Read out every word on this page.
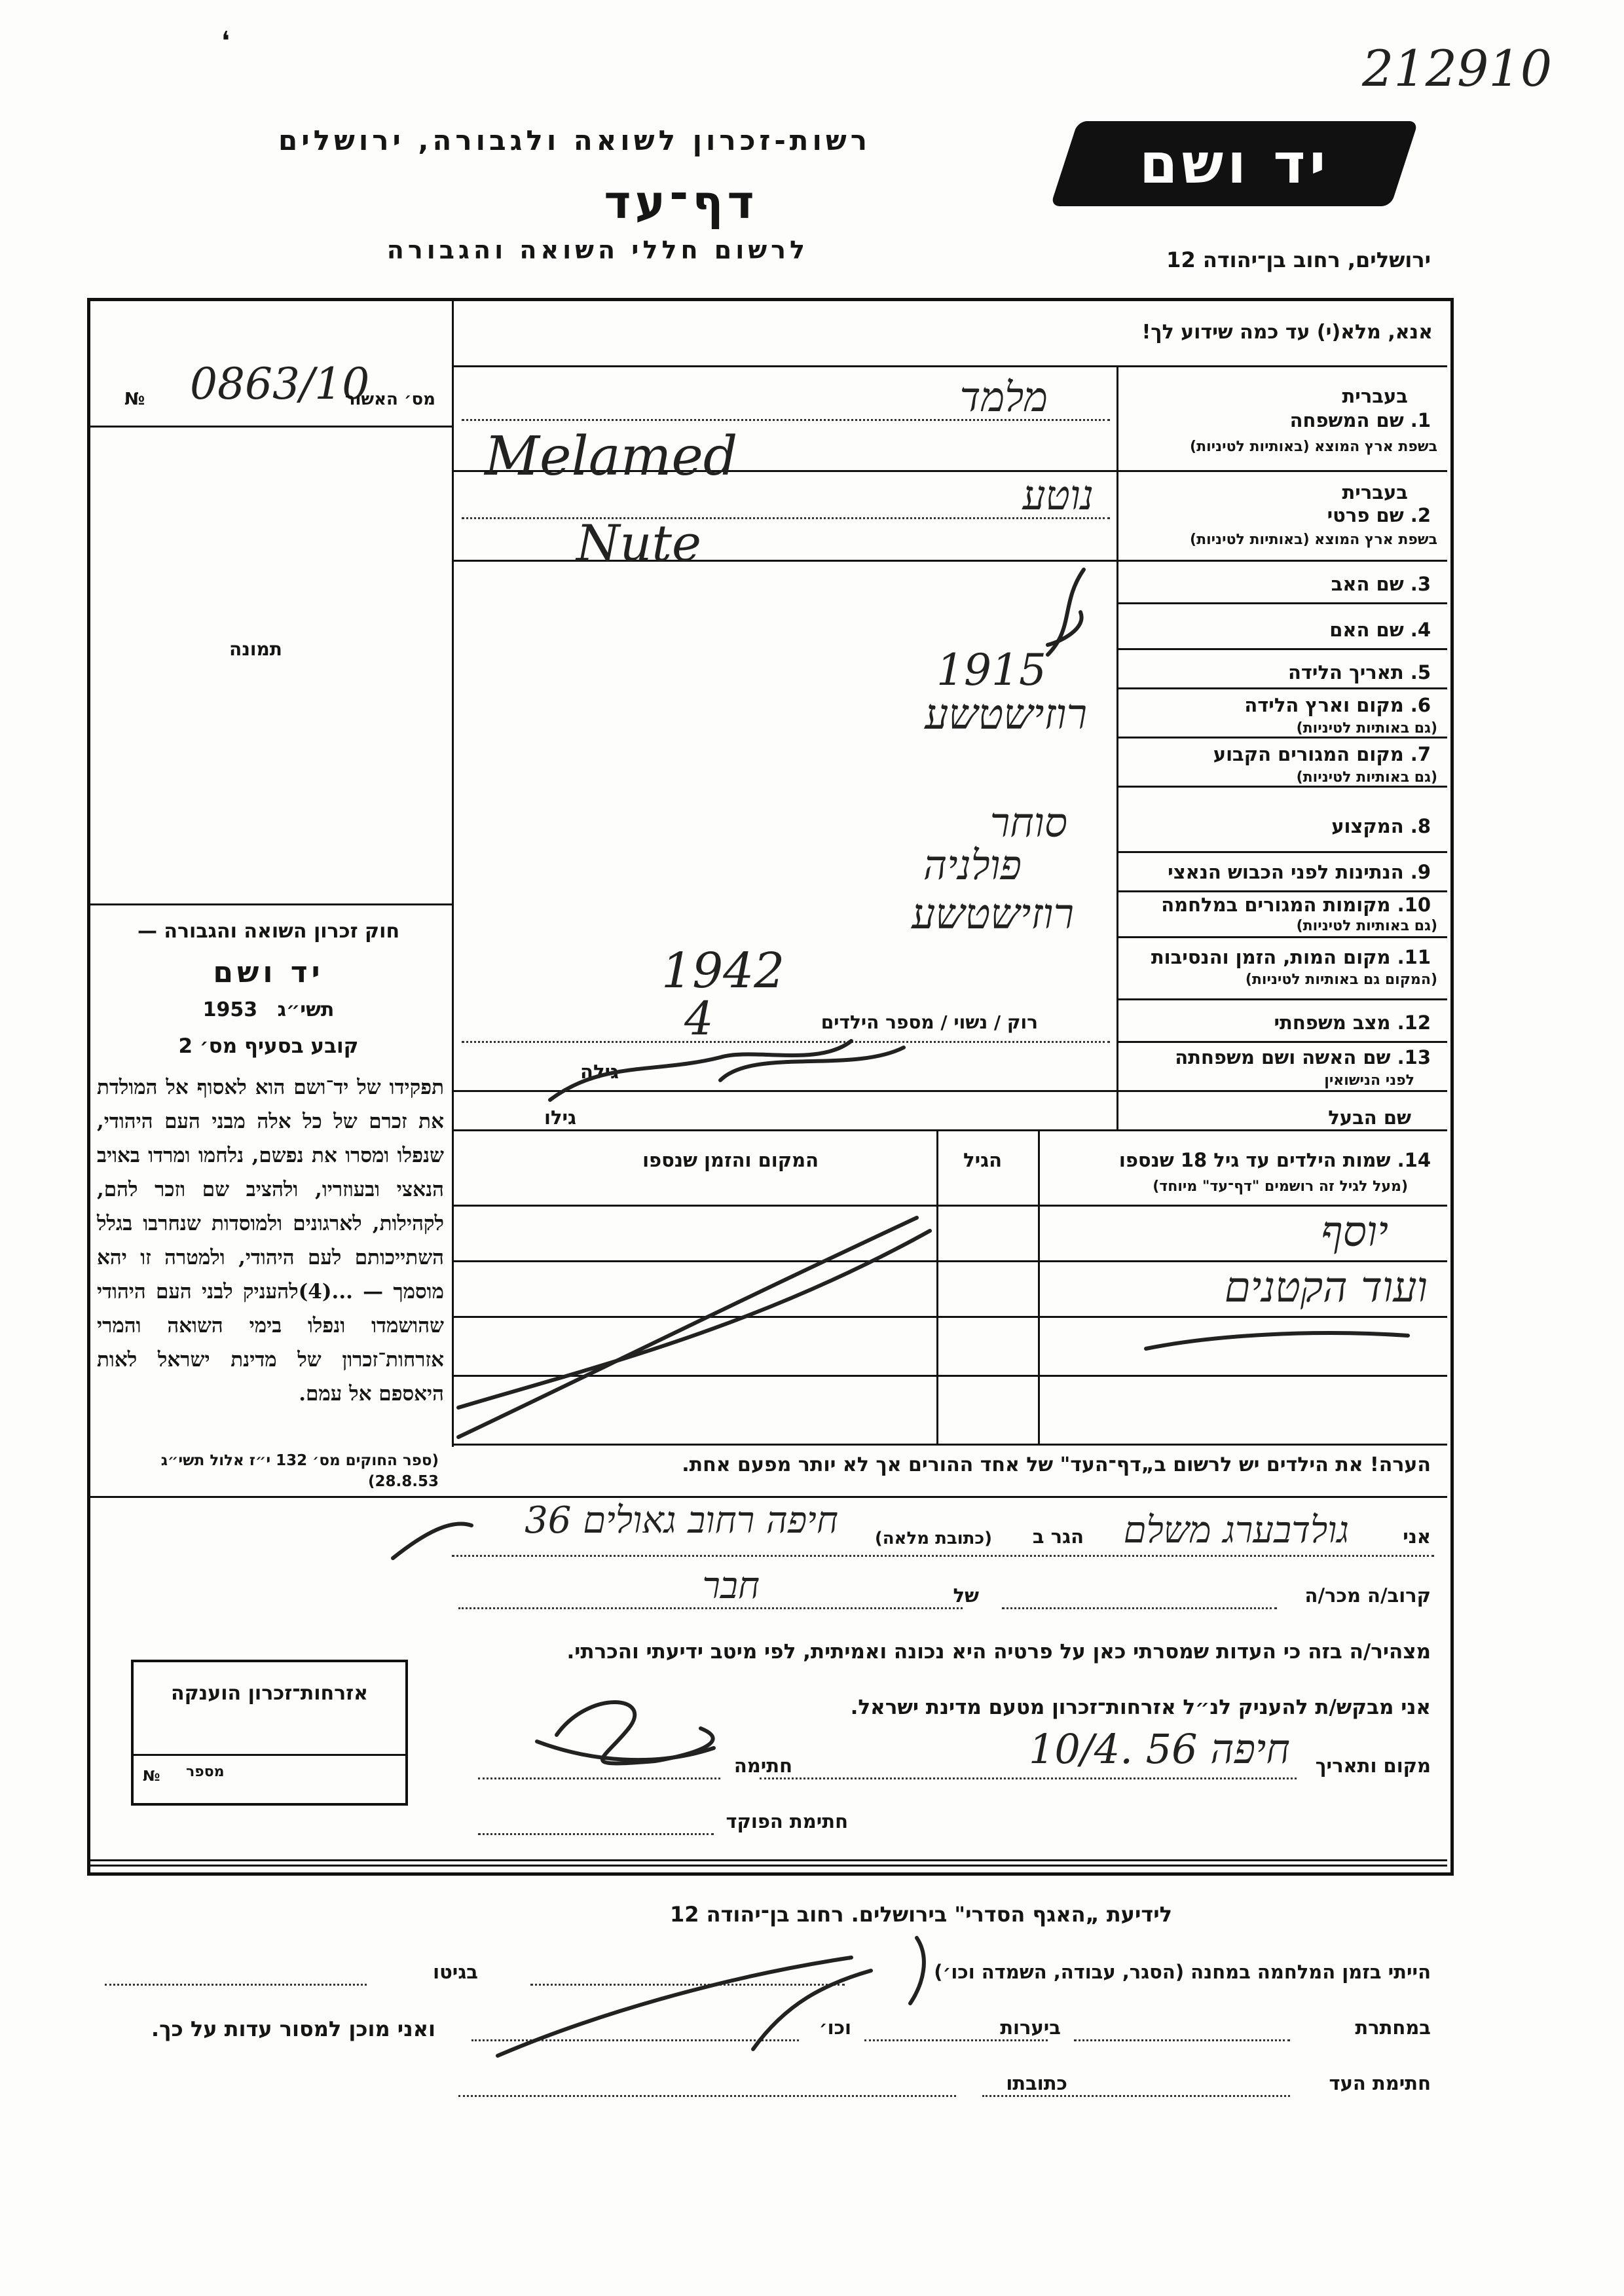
212910
❛
רשות-זכרון לשואה ולגבורה, ירושלים
דף־עד
לרשום חללי השואה והגבורה
יד ושם
ירושלים, רחוב בן־יהודה 12
אנא, מלא(י) עד כמה שידוע לך!
№ 0863/10
מס׳ האשור
תמונה
חוק זכרון השואה והגבורה —
יד ושם
1953 תשי״ג
קובע בסעיף מס׳ 2
תפקידו של יד־ושם הוא לאסוף אל המולדת את זכרם של כל אלה מבני העם היהודי, שנפלו ומסרו את נפשם, נלחמו ומרדו באויב הנאצי ובעוזריו, ולהציב שם וזכר להם, לקהילות, לארגונים ולמוסדות שנחרבו בגלל השתייכותם לעם היהודי, ולמטרה זו יהא מוסמך — ...(4)להעניק לבני העם היהודי שהושמדו ונפלו בימי השואה והמרי אזרחות־זכרון של מדינת ישראל לאות היאספם אל עמם.
(ספר החוקים מס׳ 132 י״ז אלול תשי״ג 28.8.53)
בעברית
1. שם המשפחה
בשפת ארץ המוצא (באותיות לטיניות)
מלמד
Melamed
בעברית
2. שם פרטי
בשפת ארץ המוצא (באותיות לטיניות)
נוטע
Nute
3. שם האב
4. שם האם
5. תאריך הלידה
1915
6. מקום וארץ הלידה
(גם באותיות לטיניות)
רוזישטשע
7. מקום המגורים הקבוע
(גם באותיות לטיניות)
8. המקצוע
סוחר
9. הנתינות לפני הכבוש הנאצי
פולניה
10. מקומות המגורים במלחמה
(גם באותיות לטיניות)
רוזישטשע
11. מקום המות, הזמן והנסיבות
(המקום גם באותיות לטיניות)
1942
12. מצב משפחתי
13. שם האשה ושם משפחתה
לפני הנישואין
שם הבעל
רוק / נשוי / מספר הילדים
4
גילה
גילו
14. שמות הילדים עד גיל 18 שנספו
(מעל לגיל זה רושמים "דף־עד" מיוחד)
הגיל
המקום והזמן שנספו
יוסף
ועוד הקטנים
הערה! את הילדים יש לרשום ב„דף־העד" של אחד ההורים אך לא יותר מפעם אחת.
אני
גולדבערג משלם
הגר ב
(כתובת מלאה)
חיפה רחוב גאולים 36
קרוב/ה מכר/ה
של
חבר
מצהיר/ה בזה כי העדות שמסרתי כאן על פרטיה היא נכונה ואמיתית, לפי מיטב ידיעתי והכרתי.
אני מבקש/ת להעניק לנ״ל אזרחות־זכרון מטעם מדינת ישראל.
מקום ותאריך
חיפה 56 .10/4
חתימה
חתימת הפוקד
אזרחות־זכרון הוענקה
№ מספר
לידיעת „האגף הסדרי" בירושלים. רחוב בן־יהודה 12
הייתי בזמן המלחמה במחנה (הסגר, עבודה, השמדה וכו׳)
בגיטו
במחתרת
ביערות
וכו׳
ואני מוכן למסור עדות על כך.
חתימת העד
כתובתו
